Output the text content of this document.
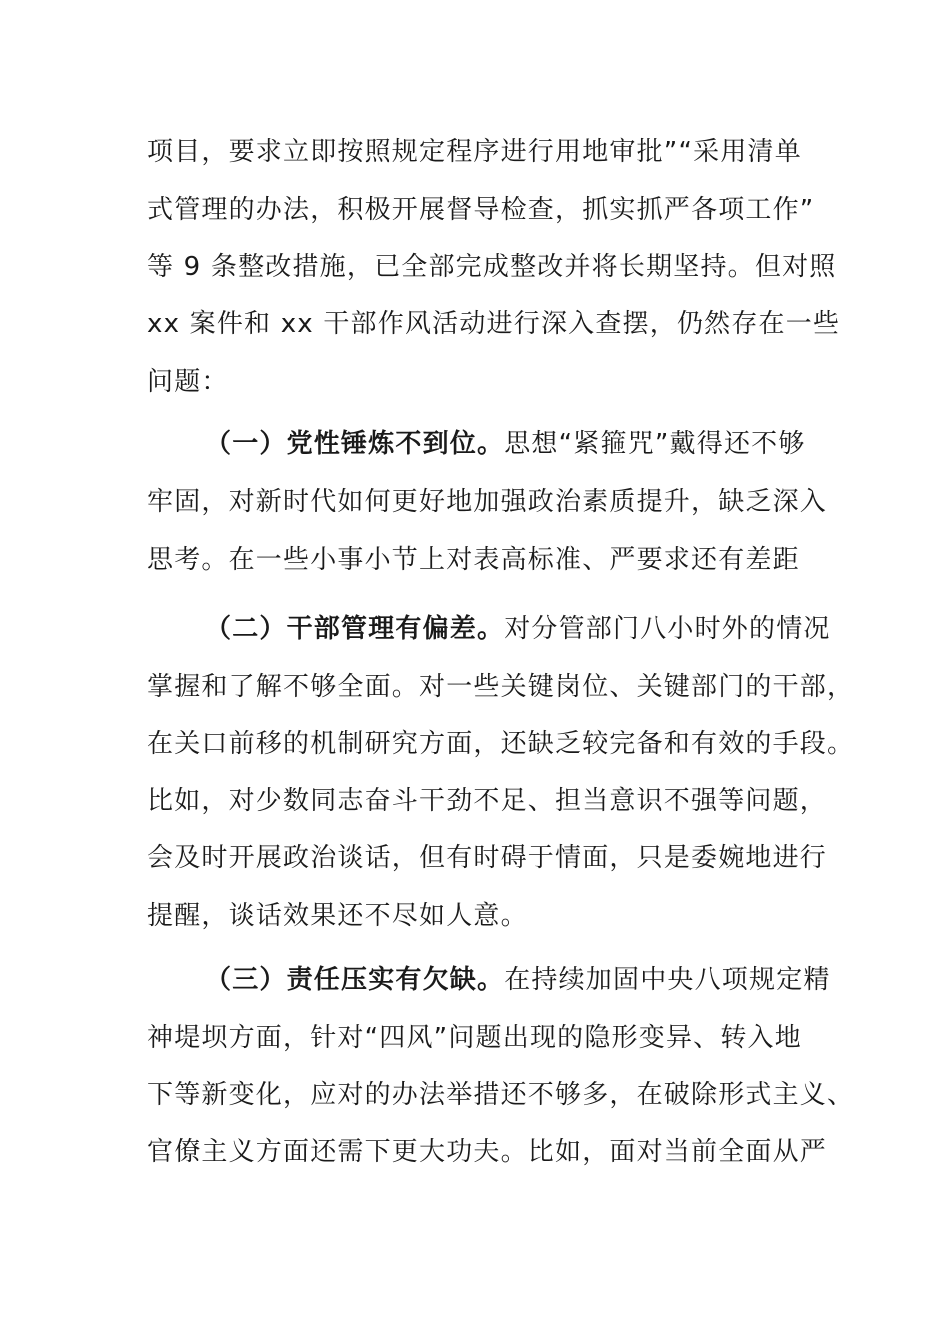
项目，要求立即按照规定程序进行用地审批”“采用清单
式管理的办法，积极开展督导检查，抓实抓严各项工作”
等 9 条整改措施，已全部完成整改并将长期坚持。但对照
xx 案件和 xx 干部作风活动进行深入查摆，仍然存在一些
问题：
（一）党性锤炼不到位。思想“紧箍咒”戴得还不够
牢固，对新时代如何更好地加强政治素质提升，缺乏深入
思考。在一些小事小节上对表高标准、严要求还有差距
（二）干部管理有偏差。对分管部门八小时外的情况
掌握和了解不够全面。对一些关键岗位、关键部门的干部，
在关口前移的机制研究方面，还缺乏较完备和有效的手段。
比如，对少数同志奋斗干劲不足、担当意识不强等问题，
会及时开展政治谈话，但有时碍于情面，只是委婉地进行
提醒，谈话效果还不尽如人意。
（三）责任压实有欠缺。在持续加固中央八项规定精
神堤坝方面，针对“四风”问题出现的隐形变异、转入地
下等新变化，应对的办法举措还不够多，在破除形式主义、
官僚主义方面还需下更大功夫。比如，面对当前全面从严
